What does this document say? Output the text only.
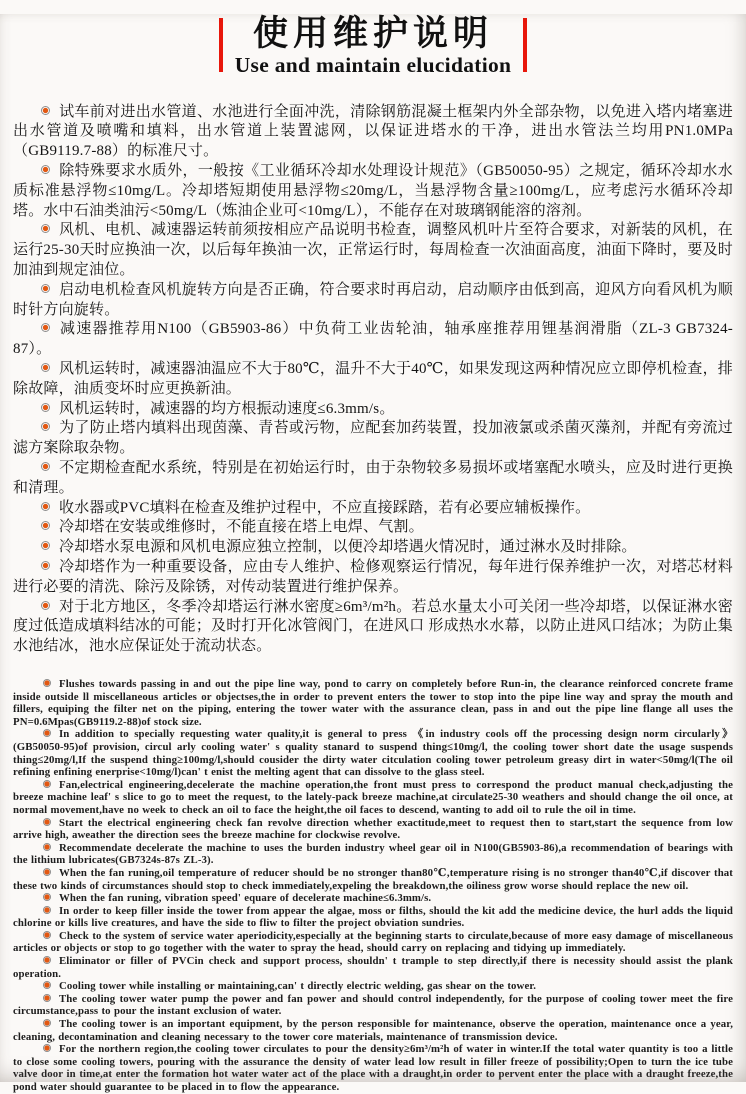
使用维护说明
Use and maintain elucidation

试车前对进出水管道、水池进行全面冲洗，清除钢筋混凝土框架内外全部杂物，以免进入塔内堵塞进出水管道及喷嘴和填料，出水管道上装置滤网，以保证进塔水的干净，进出水管法兰均用PN1.0MPa（GB9119.7-88）的标准尺寸。

除特殊要求水质外，一般按《工业循环冷却水处理设计规范》（GB50050-95）之规定，循环冷却水水质标准悬浮物≤10mg/L。冷却塔短期使用悬浮物≤20mg/L，当悬浮物含量≥100mg/L，应考虑污水循环冷却塔。水中石油类油污<50mg/L（炼油企业可<10mg/L），不能存在对玻璃钢能溶的溶剂。

风机、电机、减速器运转前须按相应产品说明书检查，调整风机叶片至符合要求，对新装的风机，在运行25-30天时应换油一次，以后每年换油一次，正常运行时，每周检查一次油面高度，油面下降时，要及时加油到规定油位。

启动电机检查风机旋转方向是否正确，符合要求时再启动，启动顺序由低到高，迎风方向看风机为顺时针方向旋转。

减速器推荐用N100（GB5903-86）中负荷工业齿轮油，轴承座推荐用锂基润滑脂（ZL-3 GB7324-87）。

风机运转时，减速器油温应不大于80℃，温升不大于40℃，如果发现这两种情况应立即停机检查，排除故障，油质变坏时应更换新油。

风机运转时，减速器的均方根振动速度≤6.3mm/s。

为了防止塔内填料出现茵藻、青苔或污物，应配套加药装置，投加液氯或杀菌灭藻剂，并配有旁流过滤方案除取杂物。

不定期检查配水系统，特别是在初始运行时，由于杂物较多易损坏或堵塞配水喷头，应及时进行更换和清理。

收水器或PVC填料在检查及维护过程中，不应直接踩踏，若有必要应辅板操作。

冷却塔在安装或维修时，不能直接在塔上电焊、气割。

冷却塔水泵电源和风机电源应独立控制，以便冷却塔遇火情况时，通过淋水及时排除。

冷却塔作为一种重要设备，应由专人维护、检修观察运行情况，每年进行保养维护一次，对塔芯材料进行必要的清洗、除污及除锈，对传动装置进行维护保养。

对于北方地区，冬季冷却塔运行淋水密度≥6m³/m²h。若总水量太小可关闭一些冷却塔，以保证淋水密度过低造成填料结冰的可能；及时打开化冰管阀门，在进风口 形成热水水幕，以防止进风口结冰；为防止集水池结冰，池水应保证处于流动状态。

Flushes towards passing in and out the pipe line way, pond to carry on completely before Run-in, the clearance reinforced concrete frame inside outside ll miscellaneous articles or objectses,the in order to prevent enters the tower to stop into the pipe line way and spray the mouth and fillers, equiping the filter net on the piping, entering the tower water with the assurance clean, pass in and out the pipe line flange all uses the PN=0.6Mpas(GB9119.2-88)of stock size.

In addition to specially requesting water quality,it is general to press 《in industry cools off the processing design norm circularly》 (GB50050-95)of provision, circul arly cooling water' s quality stanard to suspend thing≤10mg/l, the cooling tower short date the usage suspends thing≤20mg/l,If the suspend thing≥100mg/l,should cousider the dirty water citculation cooling tower petroleum greasy dirt in water<50mg/l(The oil refining enfining enerprise<10mg/l)can' t enist the melting agent that can dissolve to the glass steel.

Fan,electrical engineering,decelerate the machine operation,the front must press to correspond the product manual check,adjusting the breeze machine leaf' s slice to go to meet the request, to the lately-pack breeze machine,at circulate25-30 weathers and should change the oil once, at normal movement,have no week to check an oil to face the height,the oil faces to descend, wanting to add oil to rule the oil in time.

Start the electrical engineering check fan revolve direction whether exactitude,meet to request then to start,start the sequence from low arrive high, aweather the direction sees the breeze machine for clockwise revolve.

Recommendate decelerate the machine to uses the burden industry wheel gear oil in N100(GB5903-86),a recommendation of bearings with the lithium lubricates(GB7324s-87s ZL-3).

When the fan runing,oil temperature of reducer should be no stronger than80℃,temperature rising is no stronger than40℃,if discover that these two kinds of circumstances should stop to check immediately,expeling the breakdown,the oiliness grow worse should replace the new oil.

When the fan runing, vibration speed' equare of decelerate machine≤6.3mm/s.

In order to keep filler inside the tower from appear the algae, moss or filths, should the kit add the medicine device, the hurl adds the liquid chlorine or kills live creatures, and have the side to fliw to filter the project obviation sundries.

Check to the system of service water aperiodicity,especially at the beginning starts to circulate,because of more easy damage of miscellaneous articles or objects or stop to go together with the water to spray the head, should carry on replacing and tidying up immediately.

Eliminator or filler of PVCin check and support process, shouldn' t trample to step directly,if there is necessity should assist the plank operation.

Cooling tower while installing or maintaining,can' t directly electric welding, gas shear on the tower.

The cooling tower water pump the power and fan power and should control independently, for the purpose of cooling tower meet the fire circumstance,pass to pour the instant exclusion of water.

The cooling tower is an important equipment, by the person responsible for maintenance, observe the operation, maintenance once a year, cleaning, decontamination and cleaning necessary to the tower core materials, maintenance of transmission device.

For the northern region,the cooling tower circulates to pour the density≥6m³/m²h of water in winter.If the total water quantity is too a little to close some cooling towers, pouring with the assurance the density of water lead low result in filler freeze of possibility;Open to turn the ice tube valve door in time,at enter the formation hot water water act of the place with a draught,in order to pervent enter the place with a draught freeze,the pond water should guarantee to be placed in to flow the appearance.
